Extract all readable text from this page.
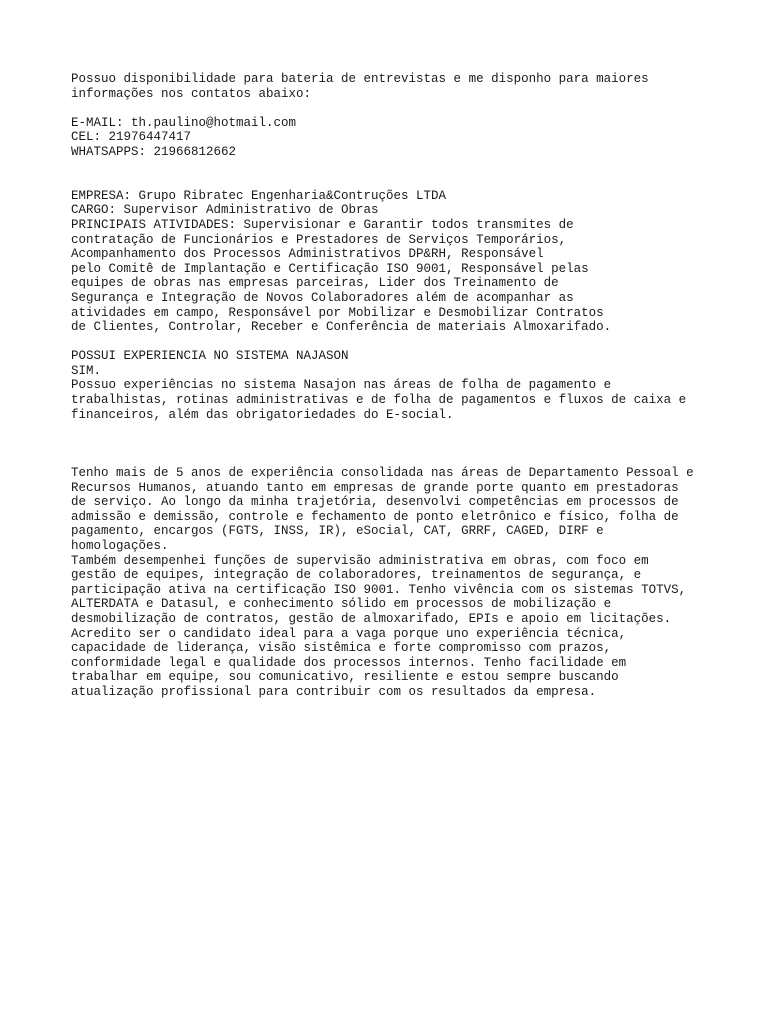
Possuo disponibilidade para bateria de entrevistas e me disponho para maiores
informações nos contatos abaixo:
E-MAIL: th.paulino@hotmail.com
CEL: 21976447417
WHATSAPPS: 21966812662
EMPRESA: Grupo Ribratec Engenharia&Contruções LTDA
CARGO: Supervisor Administrativo de Obras
PRINCIPAIS ATIVIDADES: Supervisionar e Garantir todos transmites de
contratação de Funcionários e Prestadores de Serviços Temporários,
Acompanhamento dos Processos Administrativos DP&RH, Responsável
pelo Comitê de Implantação e Certificação ISO 9001, Responsável pelas
equipes de obras nas empresas parceiras, Lider dos Treinamento de
Segurança e Integração de Novos Colaboradores além de acompanhar as
atividades em campo, Responsável por Mobilizar e Desmobilizar Contratos
de Clientes, Controlar, Receber e Conferência de materiais Almoxarifado.
POSSUI EXPERIENCIA NO SISTEMA NAJASON
SIM.
Possuo experiências no sistema Nasajon nas áreas de folha de pagamento e
trabalhistas, rotinas administrativas e de folha de pagamentos e fluxos de caixa e
financeiros, além das obrigatoriedades do E-social.
Tenho mais de 5 anos de experiência consolidada nas áreas de Departamento Pessoal e
Recursos Humanos, atuando tanto em empresas de grande porte quanto em prestadoras
de serviço. Ao longo da minha trajetória, desenvolvi competências em processos de
admissão e demissão, controle e fechamento de ponto eletrônico e físico, folha de
pagamento, encargos (FGTS, INSS, IR), eSocial, CAT, GRRF, CAGED, DIRF e
homologações.
Também desempenhei funções de supervisão administrativa em obras, com foco em
gestão de equipes, integração de colaboradores, treinamentos de segurança, e
participação ativa na certificação ISO 9001. Tenho vivência com os sistemas TOTVS,
ALTERDATA e Datasul, e conhecimento sólido em processos de mobilização e
desmobilização de contratos, gestão de almoxarifado, EPIs e apoio em licitações.
Acredito ser o candidato ideal para a vaga porque uno experiência técnica,
capacidade de liderança, visão sistêmica e forte compromisso com prazos,
conformidade legal e qualidade dos processos internos. Tenho facilidade em
trabalhar em equipe, sou comunicativo, resiliente e estou sempre buscando
atualização profissional para contribuir com os resultados da empresa.
